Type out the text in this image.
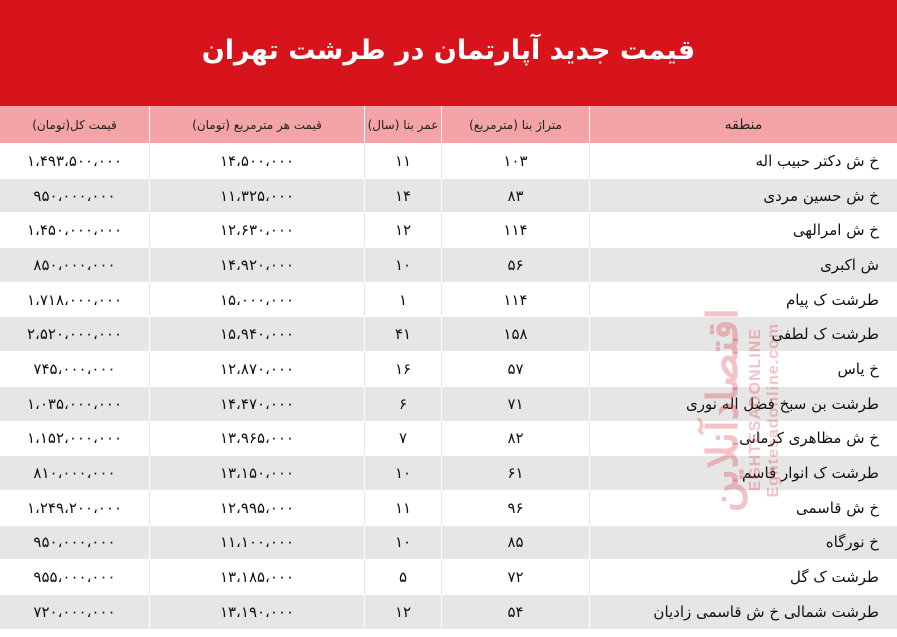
قیمت جدید آپارتمان در طرشت تهران
منطقه
متراژ بنا (مترمربع)
عمر بنا (سال)
قیمت هر مترمربع (تومان)
قیمت کل(تومان)
خ ش دکتر حبیب اله
۱۰۳
۱۱
۱۴،۵۰۰،۰۰۰
۱،۴۹۳،۵۰۰،۰۰۰
خ ش حسین مردی
۸۳
۱۴
۱۱،۳۲۵،۰۰۰
۹۵۰،۰۰۰،۰۰۰
خ ش امرالهی
۱۱۴
۱۲
۱۲،۶۳۰،۰۰۰
۱،۴۵۰،۰۰۰،۰۰۰
ش اکبری
۵۶
۱۰
۱۴،۹۲۰،۰۰۰
۸۵۰،۰۰۰،۰۰۰
طرشت ک پیام
۱۱۴
۱
۱۵،۰۰۰،۰۰۰
۱،۷۱۸،۰۰۰،۰۰۰
طرشت ک لطفی
۱۵۸
۴۱
۱۵،۹۴۰،۰۰۰
۲،۵۲۰،۰۰۰،۰۰۰
خ یاس
۵۷
۱۶
۱۲،۸۷۰،۰۰۰
۷۴۵،۰۰۰،۰۰۰
طرشت بن سبخ فضل اله نوری
۷۱
۶
۱۴،۴۷۰،۰۰۰
۱،۰۳۵،۰۰۰،۰۰۰
خ ش مظاهری کرمانی
۸۲
۷
۱۳،۹۶۵،۰۰۰
۱،۱۵۲،۰۰۰،۰۰۰
طرشت ک انوار قاسم
۶۱
۱۰
۱۳،۱۵۰،۰۰۰
۸۱۰،۰۰۰،۰۰۰
خ ش قاسمی
۹۶
۱۱
۱۲،۹۹۵،۰۰۰
۱،۲۴۹،۲۰۰،۰۰۰
خ نورگاه
۸۵
۱۰
۱۱،۱۰۰،۰۰۰
۹۵۰،۰۰۰،۰۰۰
طرشت ک گل
۷۲
۵
۱۳،۱۸۵،۰۰۰
۹۵۵،۰۰۰،۰۰۰
طرشت شمالی خ ش قاسمی زادیان
۵۴
۱۲
۱۳،۱۹۰،۰۰۰
۷۲۰،۰۰۰،۰۰۰
اقتصادآنلاین EGHTESADONLINE Eghtesadonline.com
